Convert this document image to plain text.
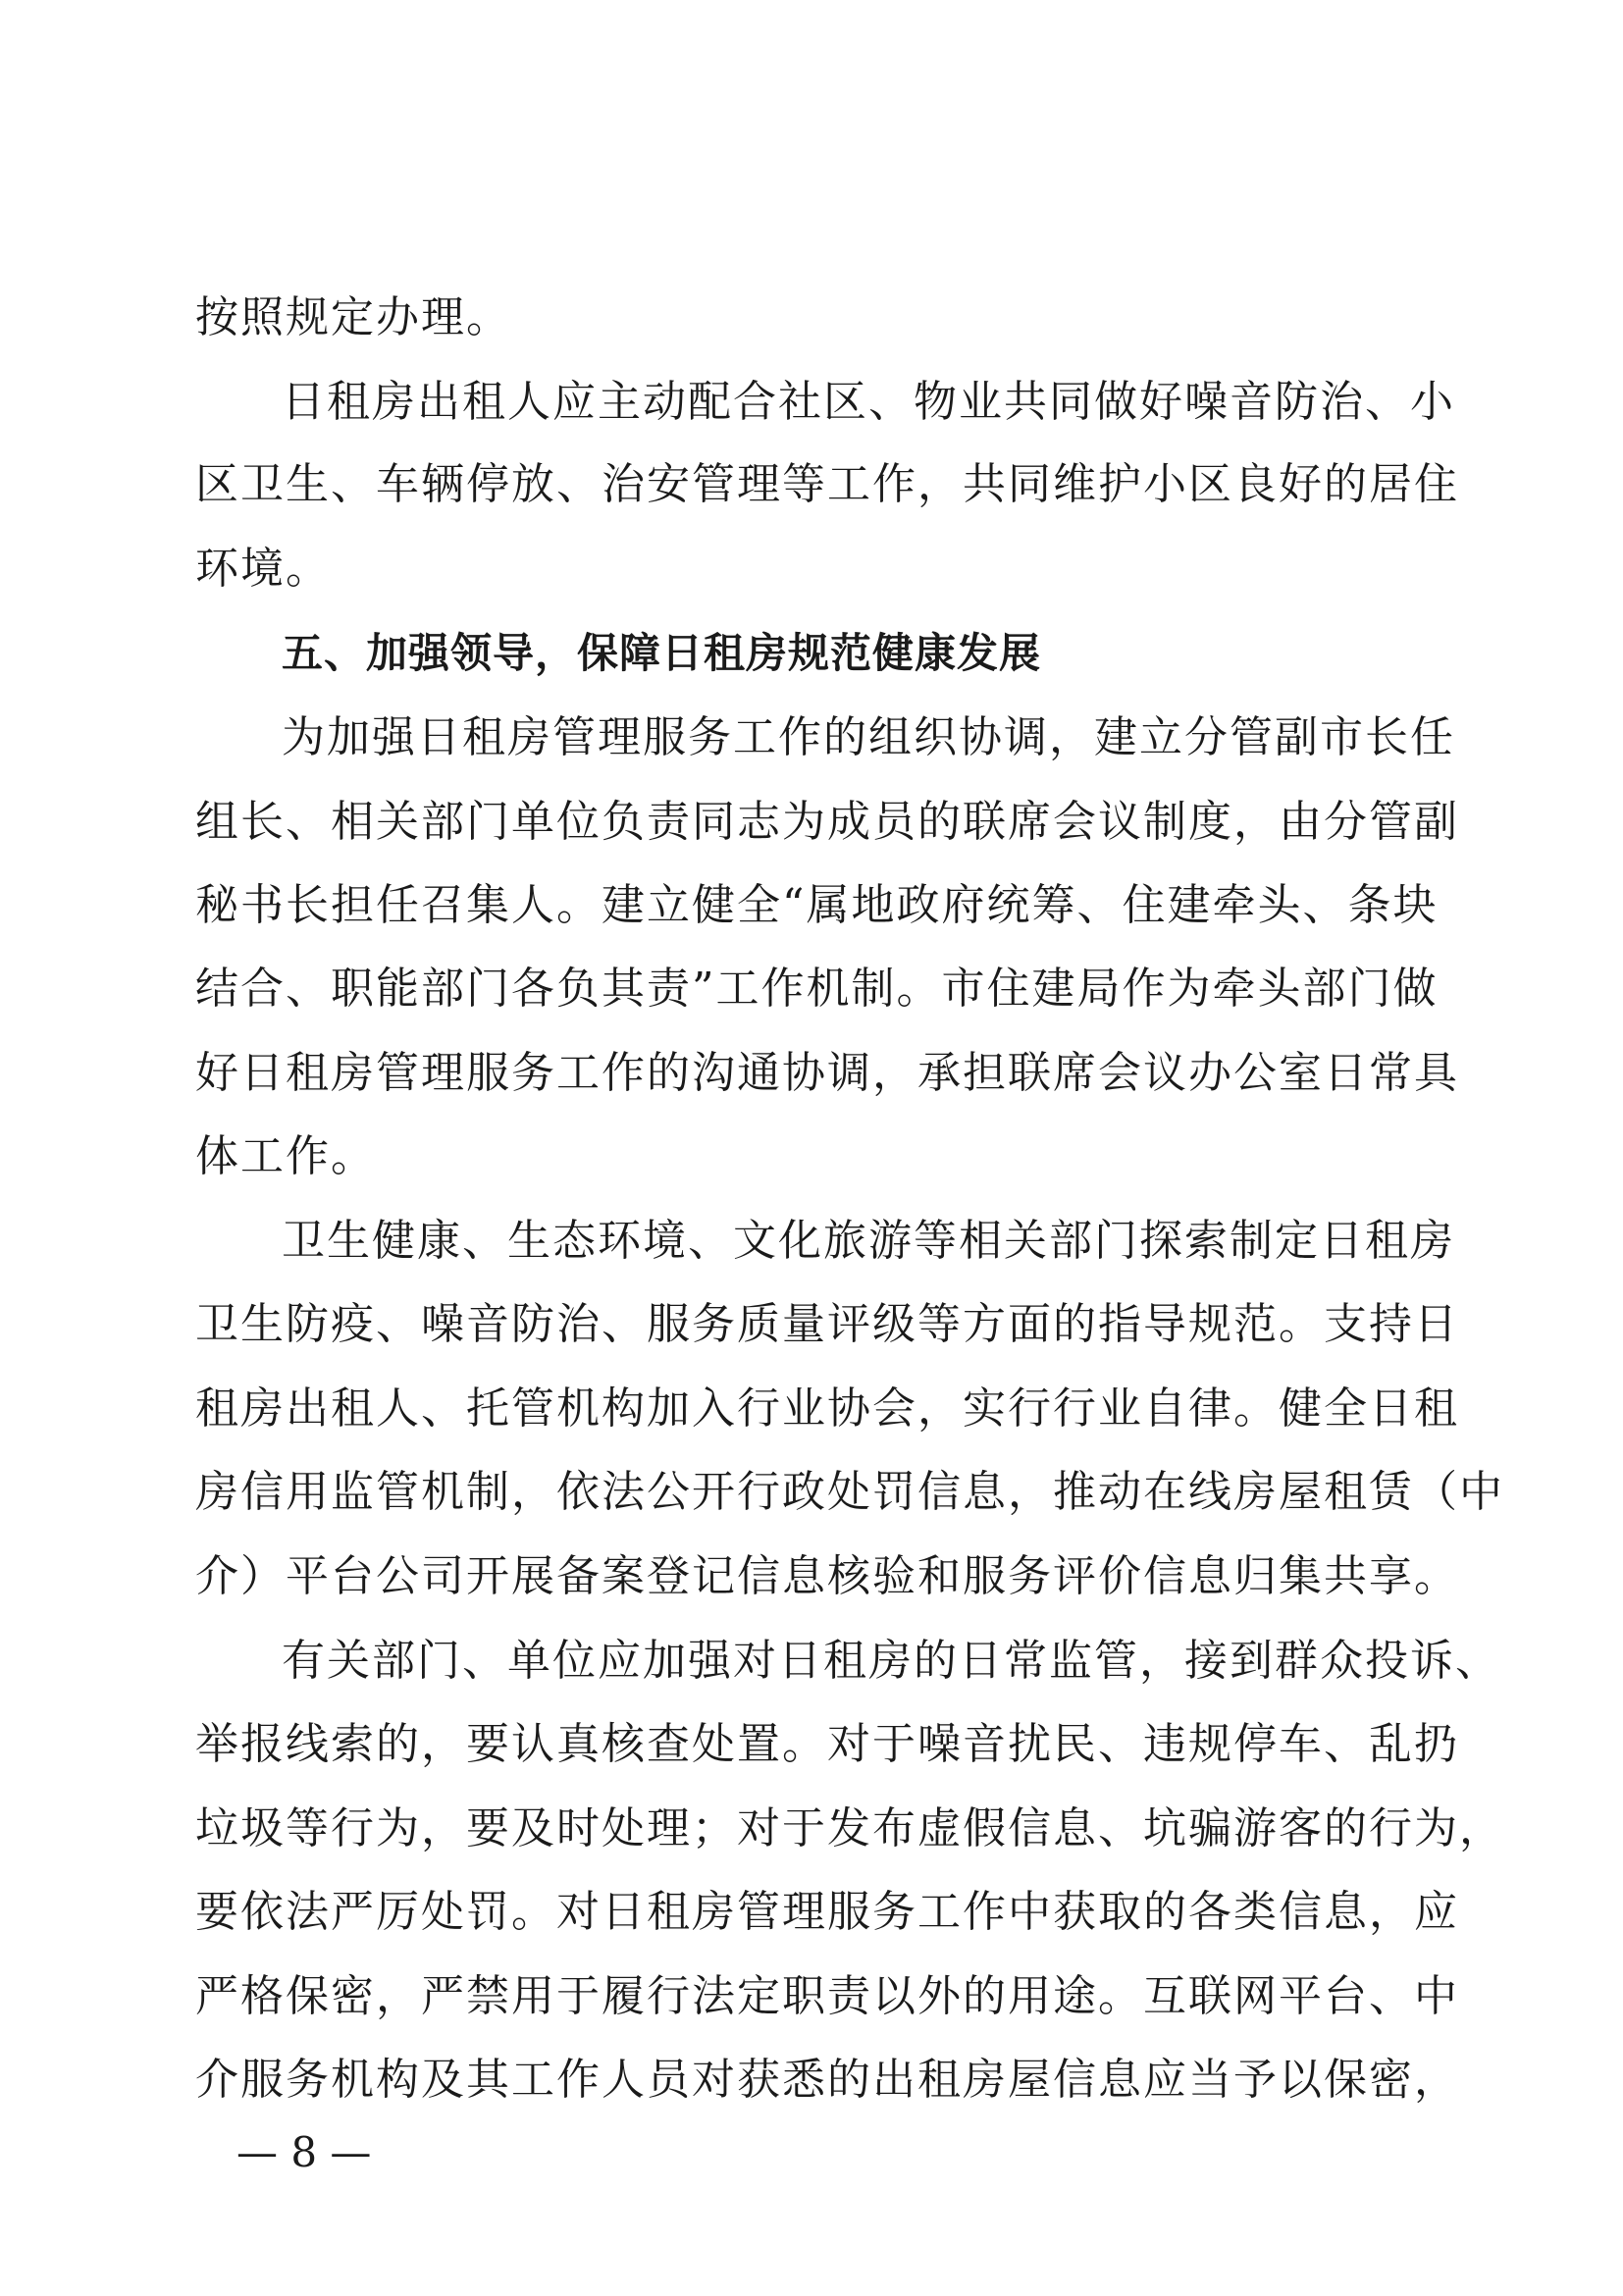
按照规定办理。
日租房出租人应主动配合社区、物业共同做好噪音防治、小
区卫生、车辆停放、治安管理等工作，共同维护小区良好的居住
环境。
五、加强领导，保障日租房规范健康发展
为加强日租房管理服务工作的组织协调，建立分管副市长任
组长、相关部门单位负责同志为成员的联席会议制度，由分管副
秘书长担任召集人。建立健全“属地政府统筹、住建牵头、条块
结合、职能部门各负其责”工作机制。市住建局作为牵头部门做
好日租房管理服务工作的沟通协调，承担联席会议办公室日常具
体工作。
卫生健康、生态环境、文化旅游等相关部门探索制定日租房
卫生防疫、噪音防治、服务质量评级等方面的指导规范。支持日
租房出租人、托管机构加入行业协会，实行行业自律。健全日租
房信用监管机制，依法公开行政处罚信息，推动在线房屋租赁（中
介）平台公司开展备案登记信息核验和服务评价信息归集共享。
有关部门、单位应加强对日租房的日常监管，接到群众投诉、
举报线索的，要认真核查处置。对于噪音扰民、违规停车、乱扔
垃圾等行为，要及时处理；对于发布虚假信息、坑骗游客的行为，
要依法严厉处罚。对日租房管理服务工作中获取的各类信息，应
严格保密，严禁用于履行法定职责以外的用途。互联网平台、中
介服务机构及其工作人员对获悉的出租房屋信息应当予以保密，
— 8 —
